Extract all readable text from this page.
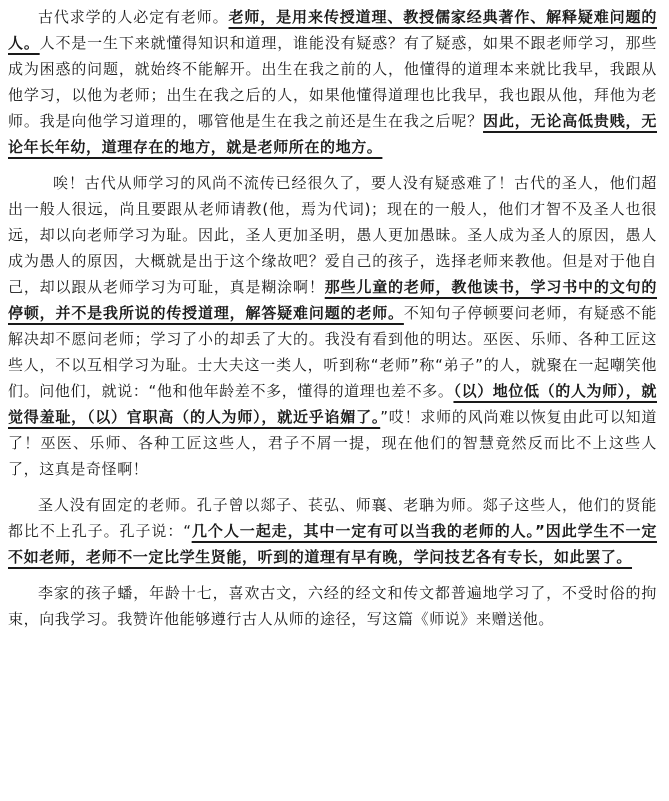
古代求学的人必定有老师。老师，是用来传授道理、教授儒家经典著作、解释疑难问题的人。人不是一生下来就懂得知识和道理，谁能没有疑惑？有了疑惑，如果不跟老师学习，那些成为困惑的问题，就始终不能解开。出生在我之前的人，他懂得的道理本来就比我早，我跟从他学习，以他为老师；出生在我之后的人，如果他懂得道理也比我早，我也跟从他，拜他为老师。我是向他学习道理的，哪管他是生在我之前还是生在我之后呢？因此，无论高低贵贱，无论年长年幼，道理存在的地方，就是老师所在的地方。

唉！古代从师学习的风尚不流传已经很久了，要人没有疑惑难了！古代的圣人，他们超出一般人很远，尚且要跟从老师请教(他，焉为代词)；现在的一般人，他们才智不及圣人也很远，却以向老师学习为耻。因此，圣人更加圣明，愚人更加愚昧。圣人成为圣人的原因，愚人成为愚人的原因，大概就是出于这个缘故吧？爱自己的孩子，选择老师来教他。但是对于他自己，却以跟从老师学习为可耻，真是糊涂啊！那些儿童的老师，教他读书，学习书中的文句的停顿，并不是我所说的传授道理，解答疑难问题的老师。不知句子停顿要问老师，有疑惑不能解决却不愿问老师；学习了小的却丢了大的。我没有看到他的明达。巫医、乐师、各种工匠这些人，不以互相学习为耻。士大夫这一类人，听到称“老师”称“弟子”的人，就聚在一起嘲笑他们。问他们，就说：“他和他年龄差不多，懂得的道理也差不多。（以）地位低（的人为师），就觉得羞耻，（以）官职高（的人为师），就近乎谄媚了。”哎！求师的风尚难以恢复由此可以知道了！巫医、乐师、各种工匠这些人，君子不屑一提，现在他们的智慧竟然反而比不上这些人了，这真是奇怪啊！

圣人没有固定的老师。孔子曾以郯子、苌弘、师襄、老聃为师。郯子这些人，他们的贤能都比不上孔子。孔子说：“几个人一起走，其中一定有可以当我的老师的人。”因此学生不一定不如老师，老师不一定比学生贤能，听到的道理有早有晚，学问技艺各有专长，如此罢了。

李家的孩子蟠，年龄十七，喜欢古文，六经的经文和传文都普遍地学习了，不受时俗的拘束，向我学习。我赞许他能够遵行古人从师的途径，写这篇《师说》来赠送他。
